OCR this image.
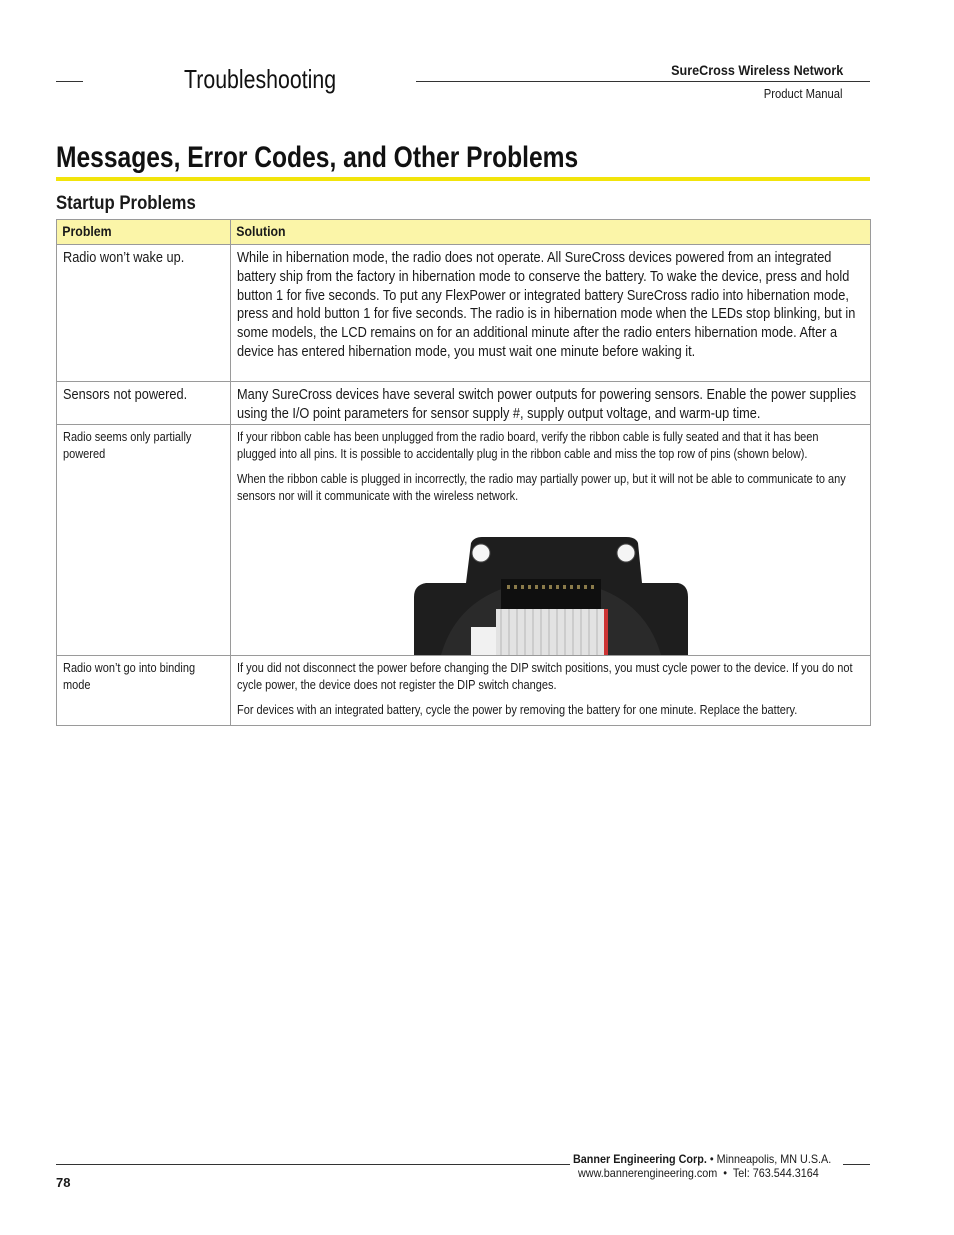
Troubleshooting	SureCross Wireless Network
Product Manual
Messages, Error Codes, and Other Problems
Startup Problems
Problem	Solution

Radio won’t wake up.	While in hibernation mode, the radio does not operate. All SureCross devices powered from an integrated battery ship from the factory in hibernation mode to conserve the battery. To wake the device, press and hold button 1 for five seconds. To put any FlexPower or integrated battery SureCross radio into hibernation mode, press and hold button 1 for five seconds. The radio is in hibernation mode when the LEDs stop blinking, but in some models, the LCD remains on for an additional minute after the radio enters hibernation mode. After a device has entered hibernation mode, you must wait one minute before waking it.

Sensors not powered.	Many SureCross devices have several switch power outputs for powering sensors. Enable the power supplies using the I/O point parameters for sensor supply #, supply output voltage, and warm-up time.

Radio seems only partially powered	If your ribbon cable has been unplugged from the radio board, verify the ribbon cable is fully seated and that it has been plugged into all pins. It is possible to accidentally plug in the ribbon cable and miss the top row of pins (shown below).
When the ribbon cable is plugged in incorrectly, the radio may partially power up, but it will not be able to communicate to any sensors nor will it communicate with the wireless network.

Radio won’t go into binding mode	If you did not disconnect the power before changing the DIP switch positions, you must cycle power to the device. If you do not cycle power, the device does not register the DIP switch changes.
For devices with an integrated battery, cycle the power by removing the battery for one minute. Replace the battery.
78
Banner Engineering Corp. • Minneapolis, MN U.S.A.
www.bannerengineering.com • Tel: 763.544.3164
